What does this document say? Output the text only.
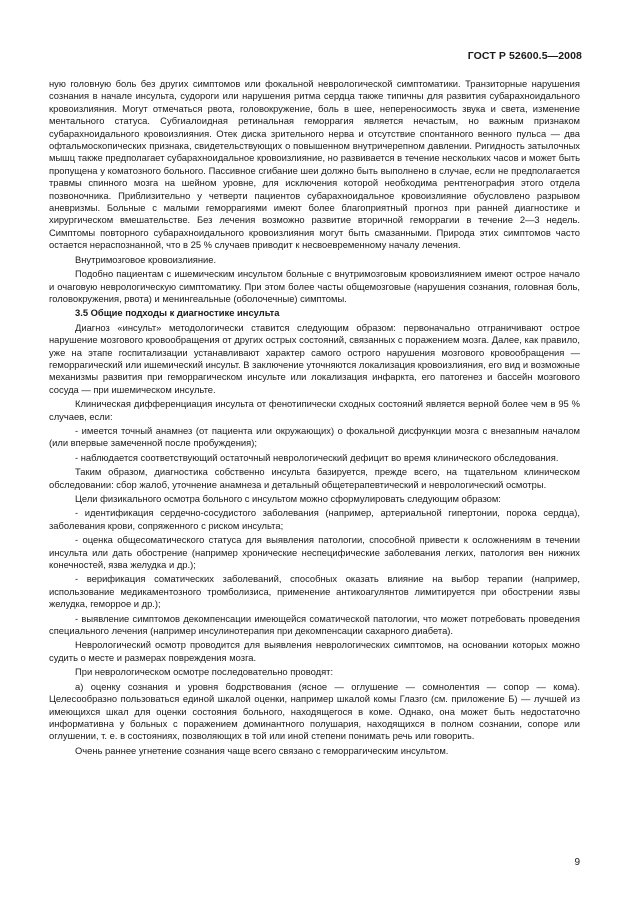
ГОСТ Р 52600.5—2008

ную головную боль без других симптомов или фокальной неврологической симптоматики. Транзиторные нарушения сознания в начале инсульта, судороги или нарушения ритма сердца также типичны для развития субарахноидального кровоизлияния. Могут отмечаться рвота, головокружение, боль в шее, непереносимость звука и света, изменение ментального статуса. Субгиалоидная ретинальная геморрагия является нечастым, но важным признаком субарахноидального кровоизлияния. Отек диска зрительного нерва и отсутствие спонтанного венного пульса — два офтальмоскопических признака, свидетельствующих о повышенном внутричерепном давлении. Ригидность затылочных мышц также предполагает субарахноидальное кровоизлияние, но развивается в течение нескольких часов и может быть пропущена у коматозного больного. Пассивное сгибание шеи должно быть выполнено в случае, если не предполагается травмы спинного мозга на шейном уровне, для исключения которой необходима рентгенография этого отдела позвоночника. Приблизительно у четверти пациентов субарахноидальное кровоизлияние обусловлено разрывом аневризмы. Больные с малыми геморрагиями имеют более благоприятный прогноз при ранней диагностике и хирургическом вмешательстве. Без лечения возможно развитие вторичной геморрагии в течение 2—3 недель. Симптомы повторного субарахноидального кровоизлияния могут быть смазанными. Природа этих симптомов часто остается нераспознанной, что в 25 % случаев приводит к несвоевременному началу лечения.

Внутримозговое кровоизлияние.

Подобно пациентам с ишемическим инсультом больные с внутримозговым кровоизлиянием имеют острое начало и очаговую неврологическую симптоматику. При этом более часты общемозговые (нарушения сознания, головная боль, головокружения, рвота) и менингеальные (оболочечные) симптомы.

3.5 Общие подходы к диагностике инсульта

Диагноз «инсульт» методологически ставится следующим образом: первоначально отграничивают острое нарушение мозгового кровообращения от других острых состояний, связанных с поражением мозга. Далее, как правило, уже на этапе госпитализации устанавливают характер самого острого нарушения мозгового кровообращения — геморрагический или ишемический инсульт. В заключение уточняются локализация кровоизлияния, его вид и возможные механизмы развития при геморрагическом инсульте или локализация инфаркта, его патогенез и бассейн мозгового сосуда — при ишемическом инсульте.

Клиническая дифференциация инсульта от фенотипически сходных состояний является верной более чем в 95 % случаев, если:

- имеется точный анамнез (от пациента или окружающих) о фокальной дисфункции мозга с внезапным началом (или впервые замеченной после пробуждения);

- наблюдается соответствующий остаточный неврологический дефицит во время клинического обследования.

Таким образом, диагностика собственно инсульта базируется, прежде всего, на тщательном клиническом обследовании: сбор жалоб, уточнение анамнеза и детальный общетерапевтический и неврологический осмотры.

Цели физикального осмотра больного с инсультом можно сформулировать следующим образом:

- идентификация сердечно-сосудистого заболевания (например, артериальной гипертонии, порока сердца), заболевания крови, сопряженного с риском инсульта;

- оценка общесоматического статуса для выявления патологии, способной привести к осложнениям в течении инсульта или дать обострение (например хронические неспецифические заболевания легких, патология вен нижних конечностей, язва желудка и др.);

- верификация соматических заболеваний, способных оказать влияние на выбор терапии (например, использование медикаментозного тромболизиса, применение антикоагулянтов лимитируется при обострении язвы желудка, геморрое и др.);

- выявление симптомов декомпенсации имеющейся соматической патологии, что может потребовать проведения специального лечения (например инсулинотерапия при декомпенсации сахарного диабета).

Неврологический осмотр проводится для выявления неврологических симптомов, на основании которых можно судить о месте и размерах повреждения мозга.

При неврологическом осмотре последовательно проводят:

а) оценку сознания и уровня бодрствования (ясное — оглушение — сомнолентия — сопор — кома). Целесообразно пользоваться единой шкалой оценки, например шкалой комы Глазго (см. приложение Б) — лучшей из имеющихся шкал для оценки состояния больного, находящегося в коме. Однако, она может быть недостаточно информативна у больных с поражением доминантного полушария, находящихся в полном сознании, сопоре или оглушении, т. е. в состояниях, позволяющих в той или иной степени понимать речь или говорить.

Очень раннее угнетение сознания чаще всего связано с геморрагическим инсультом.

9
